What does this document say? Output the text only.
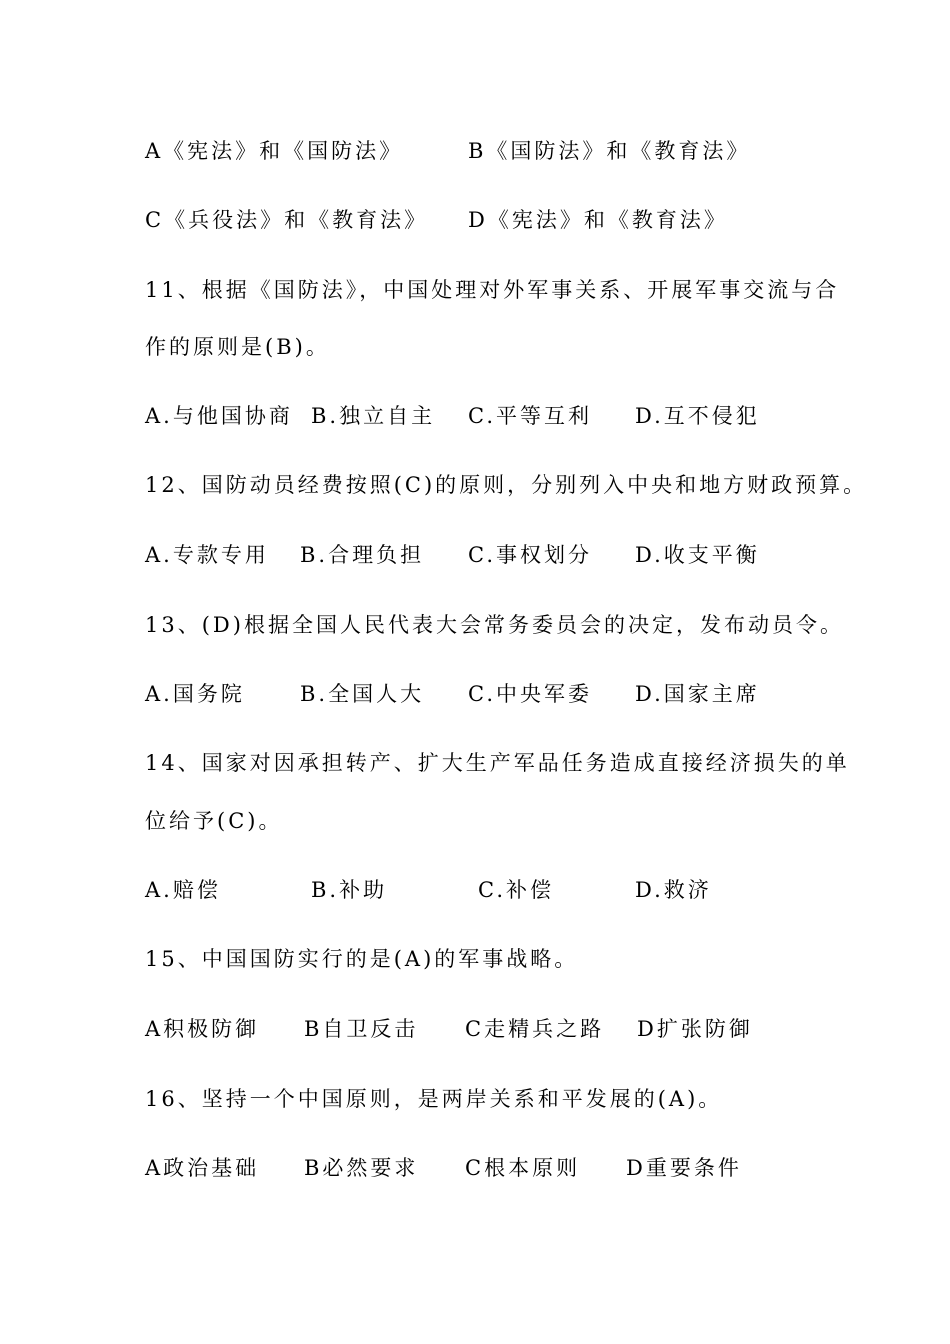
A《宪法》和《国防法》	B《国防法》和《教育法》
C《兵役法》和《教育法》 D《宪法》和《教育法》
11、根据《国防法》，中国处理对外军事关系、开展军事交流与合
作的原则是(B)。
A.与他国协商 B.独立自主 C.平等互利 D.互不侵犯
12、国防动员经费按照(C)的原则，分别列入中央和地方财政预算。
A.专款专用 B.合理负担 C.事权划分 D.收支平衡
13、(D)根据全国人民代表大会常务委员会的决定，发布动员令。
A.国务院	B.全国人大 C.中央军委 D.国家主席
14、国家对因承担转产、扩大生产军品任务造成直接经济损失的单
位给予(C)。
A.赔偿	B.补助	C.补偿	D.救济
15、中国国防实行的是(A)的军事战略。
A积极防御 B自卫反击 C走精兵之路 D扩张防御
16、坚持一个中国原则，是两岸关系和平发展的(A)。
A政治基础 B必然要求 C根本原则 D重要条件
